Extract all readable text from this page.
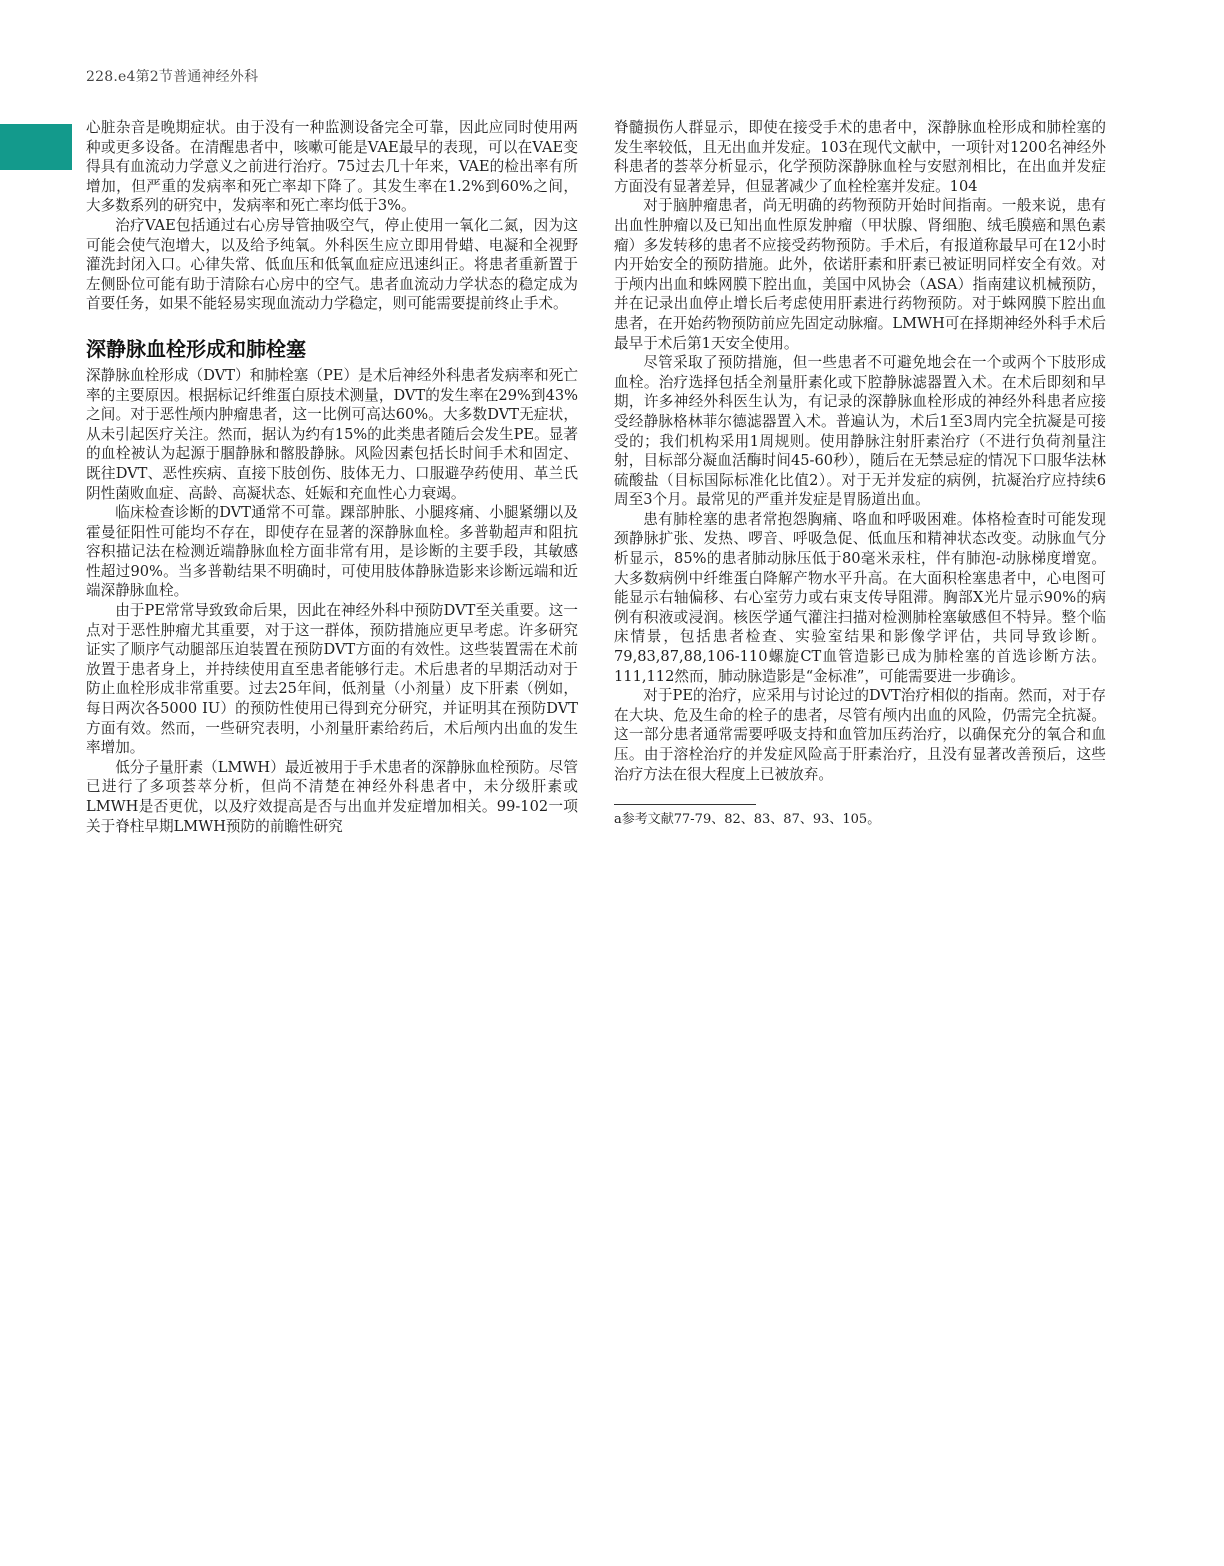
228.e4第2节普通神经外科

心脏杂音是晚期症状。由于没有一种监测设备完全可靠，因此应同时使用两种或更多设备。在清醒患者中，咳嗽可能是VAE最早的表现，可以在VAE变得具有血流动力学意义之前进行治疗。75过去几十年来，VAE的检出率有所增加，但严重的发病率和死亡率却下降了。其发生率在1.2%到60%之间，大多数系列的研究中，发病率和死亡率均低于3%。

治疗VAE包括通过右心房导管抽吸空气，停止使用一氧化二氮，因为这可能会使气泡增大，以及给予纯氧。外科医生应立即用骨蜡、电凝和全视野灌洗封闭入口。心律失常、低血压和低氧血症应迅速纠正。将患者重新置于左侧卧位可能有助于清除右心房中的空气。患者血流动力学状态的稳定成为首要任务，如果不能轻易实现血流动力学稳定，则可能需要提前终止手术。

深静脉血栓形成和肺栓塞

深静脉血栓形成（DVT）和肺栓塞（PE）是术后神经外科患者发病率和死亡率的主要原因。根据标记纤维蛋白原技术测量，DVT的发生率在29%到43%之间。对于恶性颅内肿瘤患者，这一比例可高达60%。大多数DVT无症状，从未引起医疗关注。然而，据认为约有15%的此类患者随后会发生PE。显著的血栓被认为起源于腘静脉和髂股静脉。风险因素包括长时间手术和固定、既往DVT、恶性疾病、直接下肢创伤、肢体无力、口服避孕药使用、革兰氏阴性菌败血症、高龄、高凝状态、妊娠和充血性心力衰竭。

临床检查诊断的DVT通常不可靠。踝部肿胀、小腿疼痛、小腿紧绷以及霍曼征阳性可能均不存在，即使存在显著的深静脉血栓。多普勒超声和阻抗容积描记法在检测近端静脉血栓方面非常有用，是诊断的主要手段，其敏感性超过90%。当多普勒结果不明确时，可使用肢体静脉造影来诊断远端和近端深静脉血栓。

由于PE常常导致致命后果，因此在神经外科中预防DVT至关重要。这一点对于恶性肿瘤尤其重要，对于这一群体，预防措施应更早考虑。许多研究证实了顺序气动腿部压迫装置在预防DVT方面的有效性。这些装置需在术前放置于患者身上，并持续使用直至患者能够行走。术后患者的早期活动对于防止血栓形成非常重要。过去25年间，低剂量（小剂量）皮下肝素（例如，每日两次各5000 IU）的预防性使用已得到充分研究，并证明其在预防DVT方面有效。然而，一些研究表明，小剂量肝素给药后，术后颅内出血的发生率增加。

低分子量肝素（LMWH）最近被用于手术患者的深静脉血栓预防。尽管已进行了多项荟萃分析，但尚不清楚在神经外科患者中，未分级肝素或LMWH是否更优，以及疗效提高是否与出血并发症增加相关。99-102一项关于脊柱早期LMWH预防的前瞻性研究

脊髓损伤人群显示，即使在接受手术的患者中，深静脉血栓形成和肺栓塞的发生率较低，且无出血并发症。103在现代文献中，一项针对1200名神经外科患者的荟萃分析显示，化学预防深静脉血栓与安慰剂相比，在出血并发症方面没有显著差异，但显著减少了血栓栓塞并发症。104

对于脑肿瘤患者，尚无明确的药物预防开始时间指南。一般来说，患有出血性肿瘤以及已知出血性原发肿瘤（甲状腺、肾细胞、绒毛膜癌和黑色素瘤）多发转移的患者不应接受药物预防。手术后，有报道称最早可在12小时内开始安全的预防措施。此外，依诺肝素和肝素已被证明同样安全有效。对于颅内出血和蛛网膜下腔出血，美国中风协会（ASA）指南建议机械预防，并在记录出血停止增长后考虑使用肝素进行药物预防。对于蛛网膜下腔出血患者，在开始药物预防前应先固定动脉瘤。LMWH可在择期神经外科手术后最早于术后第1天安全使用。

尽管采取了预防措施，但一些患者不可避免地会在一个或两个下肢形成血栓。治疗选择包括全剂量肝素化或下腔静脉滤器置入术。在术后即刻和早期，许多神经外科医生认为，有记录的深静脉血栓形成的神经外科患者应接受经静脉格林菲尔德滤器置入术。普遍认为，术后1至3周内完全抗凝是可接受的；我们机构采用1周规则。使用静脉注射肝素治疗（不进行负荷剂量注射，目标部分凝血活酶时间45-60秒），随后在无禁忌症的情况下口服华法林硫酸盐（目标国际标准化比值2）。对于无并发症的病例，抗凝治疗应持续6周至3个月。最常见的严重并发症是胃肠道出血。

患有肺栓塞的患者常抱怨胸痛、咯血和呼吸困难。体格检查时可能发现颈静脉扩张、发热、啰音、呼吸急促、低血压和精神状态改变。动脉血气分析显示，85%的患者肺动脉压低于80毫米汞柱，伴有肺泡-动脉梯度增宽。大多数病例中纤维蛋白降解产物水平升高。在大面积栓塞患者中，心电图可能显示右轴偏移、右心室劳力或右束支传导阻滞。胸部X光片显示90%的病例有积液或浸润。核医学通气灌注扫描对检测肺栓塞敏感但不特异。整个临床情景，包括患者检查、实验室结果和影像学评估，共同导致诊断。79,83,87,88,106-110螺旋CT血管造影已成为肺栓塞的首选诊断方法。111,112然而，肺动脉造影是“金标准”，可能需要进一步确诊。

对于PE的治疗，应采用与讨论过的DVT治疗相似的指南。然而，对于存在大块、危及生命的栓子的患者，尽管有颅内出血的风险，仍需完全抗凝。这一部分患者通常需要呼吸支持和血管加压药治疗，以确保充分的氧合和血压。由于溶栓治疗的并发症风险高于肝素治疗，且没有显著改善预后，这些治疗方法在很大程度上已被放弃。

a参考文献77-79、82、83、87、93、105。
